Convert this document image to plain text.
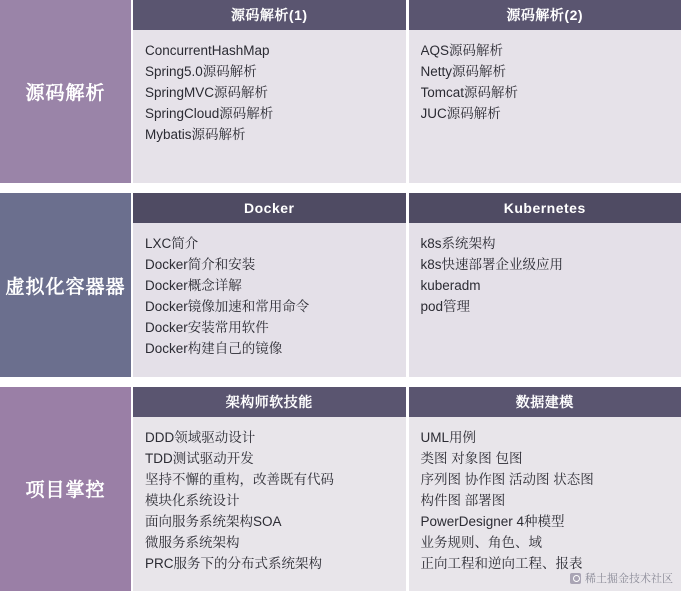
源码解析
源码解析(1)
ConcurrentHashMap
Spring5.0源码解析
SpringMVC源码解析
SpringCloud源码解析
Mybatis源码解析
源码解析(2)
AQS源码解析
Netty源码解析
Tomcat源码解析
JUC源码解析
虚拟化容器器
Docker
LXC简介
Docker简介和安装
Docker概念详解
Docker镜像加速和常用命令
Docker安装常用软件
Docker构建自己的镜像
Kubernetes
k8s系统架构
k8s快速部署企业级应用
kuberadm
pod管理
项目掌控
架构师软技能
DDD领域驱动设计
TDD测试驱动开发
坚持不懈的重构，改善既有代码
模块化系统设计
面向服务系统架构SOA
微服务系统架构
PRC服务下的分布式系统架构
数据建模
UML用例
类图 对象图 包图
序列图 协作图 活动图 状态图
构件图 部署图
PowerDesigner 4种模型
业务规则、角色、域
正向工程和逆向工程、报表
稀土掘金技术社区
